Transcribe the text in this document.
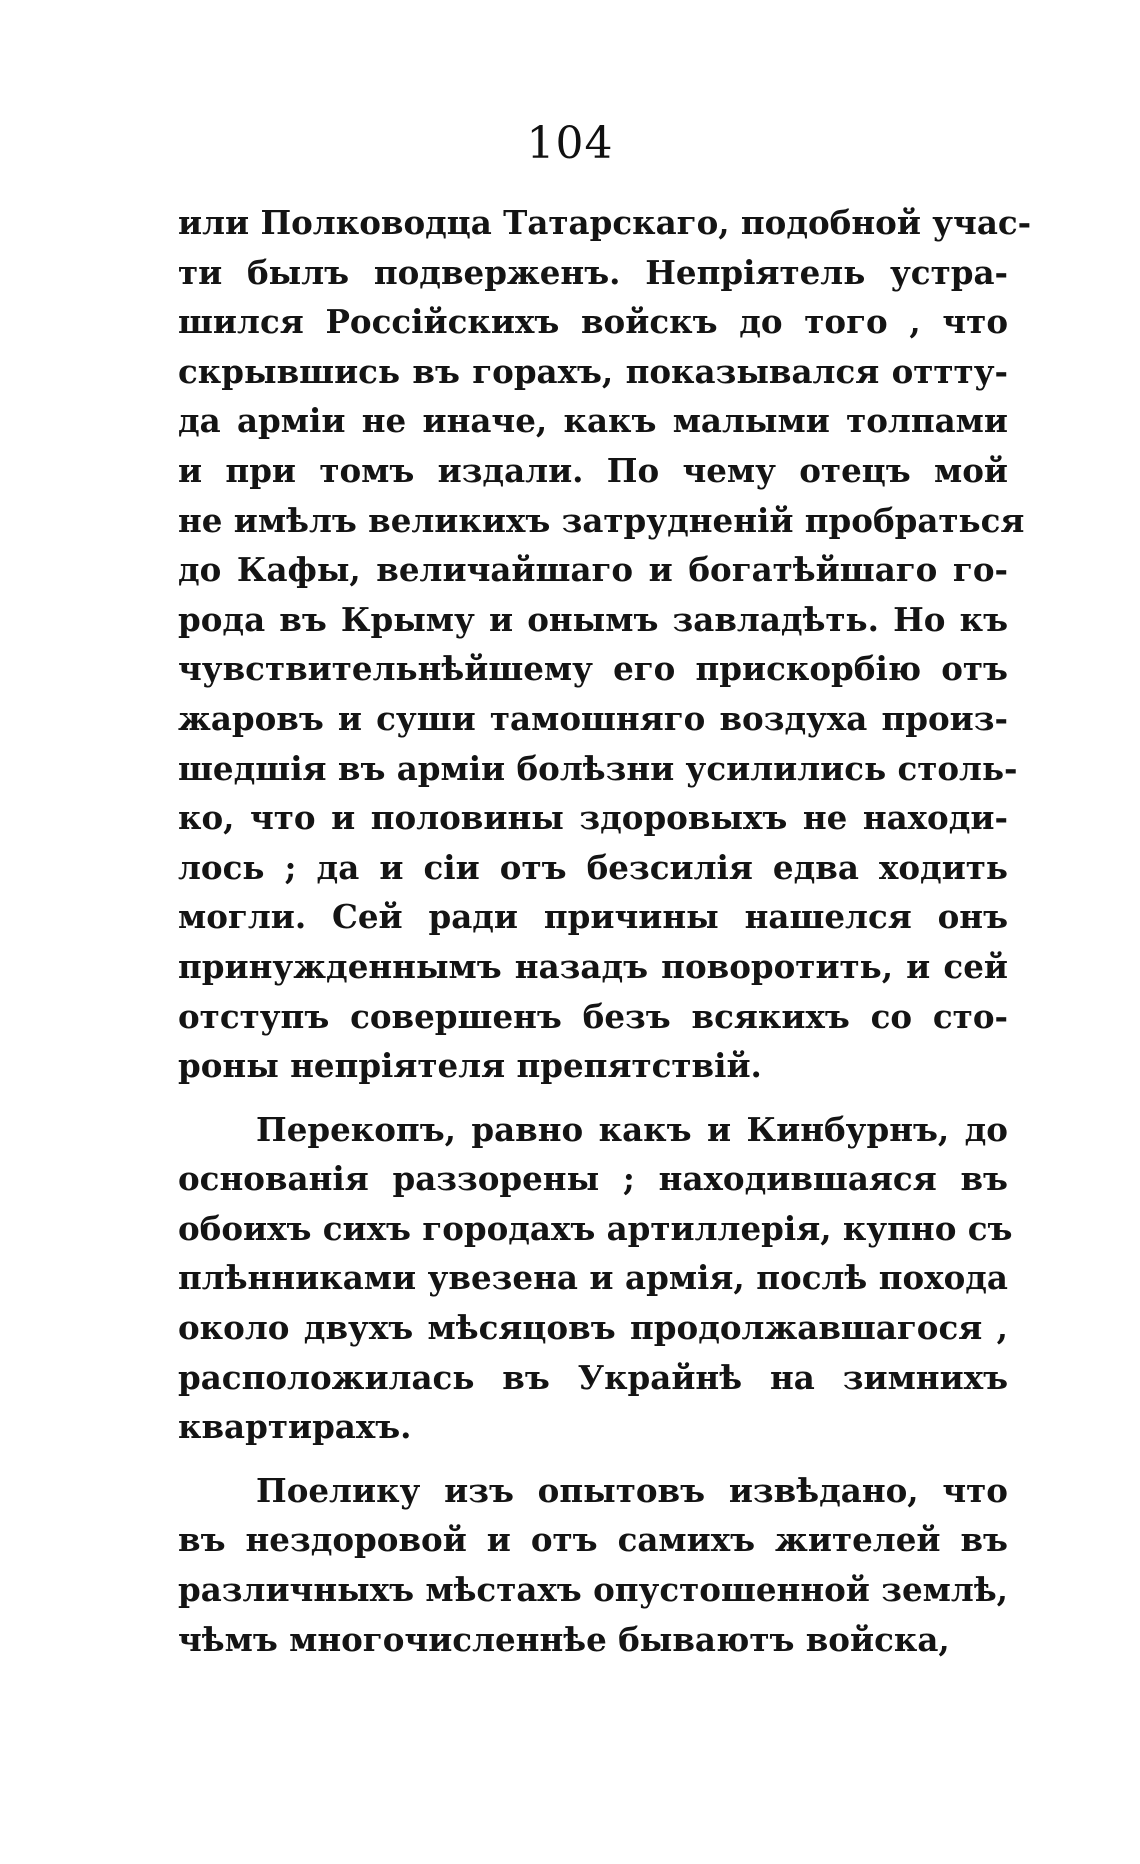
104
или Полководца Татарскаго, подобной учас-
ти былъ подверженъ. Непріятель устра-
шился Россійскихъ войскъ до того , что
скрывшись въ горахъ, показывался оттту-
да арміи не иначе, какъ малыми толпами
и при томъ издали. По чему отецъ мой
не имѣлъ великихъ затрудненій пробраться
до Кафы, величайшаго и богатѣйшаго го-
рода въ Крыму и онымъ завладѣть. Но къ
чувствительнѣйшему его прискорбію отъ
жаровъ и суши тамошняго воздуха произ-
шедшія въ арміи болѣзни усилились столь-
ко, что и половины здоровыхъ не находи-
лось ; да и сіи отъ безсилія едва ходить
могли. Сей ради причины нашелся онъ
принужденнымъ назадъ поворотить, и сей
отступъ совершенъ безъ всякихъ со сто-
роны непріятеля препятствій.
Перекопъ, равно какъ и Кинбурнъ, до
основанія раззорены ; находившаяся въ
обоихъ сихъ городахъ артиллерія, купно съ
плѣнниками увезена и армія, послѣ похода
около двухъ мѣсяцовъ продолжавшагося ,
расположилась въ Украйнѣ на зимнихъ
квартирахъ.
Поелику изъ опытовъ извѣдано, что
въ нездоровой и отъ самихъ жителей въ
различныхъ мѣстахъ опустошенной землѣ,
чѣмъ многочисленнѣе бываютъ войска,
